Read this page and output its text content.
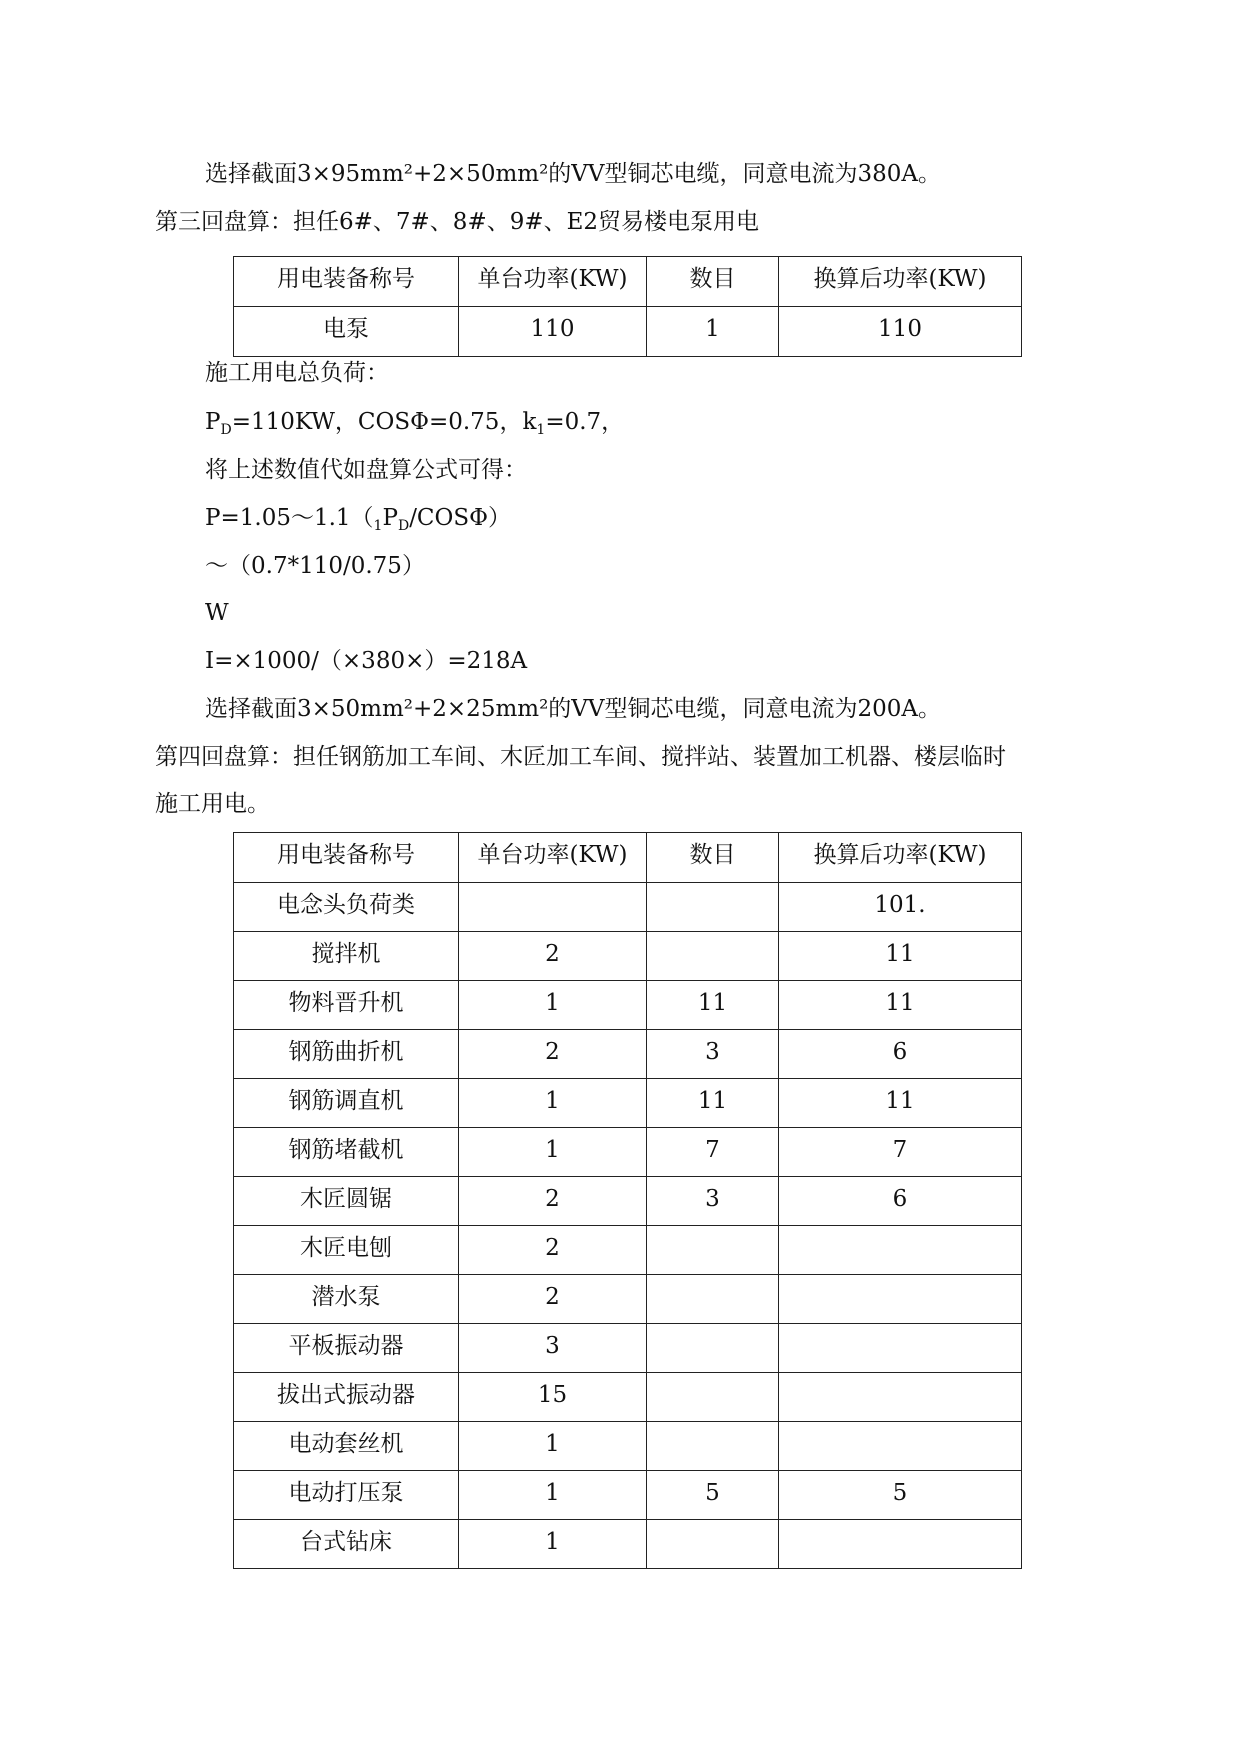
选择截面3×95mm²+2×50mm²的VV型铜芯电缆，同意电流为380A。
第三回盘算：担任6#、7#、8#、9#、E2贸易楼电泵用电
用电装备称号	单台功率(KW)	数目	换算后功率(KW)
电泵	110	1	110
施工用电总负荷：
$P_D=110KW$，COSΦ=0.75，$k_1=0.7$，
将上述数值代如盘算公式可得：
$P=1.05\sim 1.1(_1P_D/COS\Phi)$
～（0.7*110/0.75）
W
I=×1000/（×380×）=218A
选择截面3×50mm²+2×25mm²的VV型铜芯电缆，同意电流为200A。
第四回盘算：担任钢筋加工车间、木匠加工车间、搅拌站、装置加工机器、楼层临时
施工用电。
用电装备称号	单台功率(KW)	数目	换算后功率(KW)
电念头负荷类			101.
搅拌机	2		11
物料晋升机	1	11	11
钢筋曲折机	2	3	6
钢筋调直机	1	11	11
钢筋堵截机	1	7	7
木匠圆锯	2	3	6
木匠电刨	2		
潜水泵	2		
平板振动器	3		
拔出式振动器	15		
电动套丝机	1		
电动打压泵	1	5	5
台式钻床	1		
